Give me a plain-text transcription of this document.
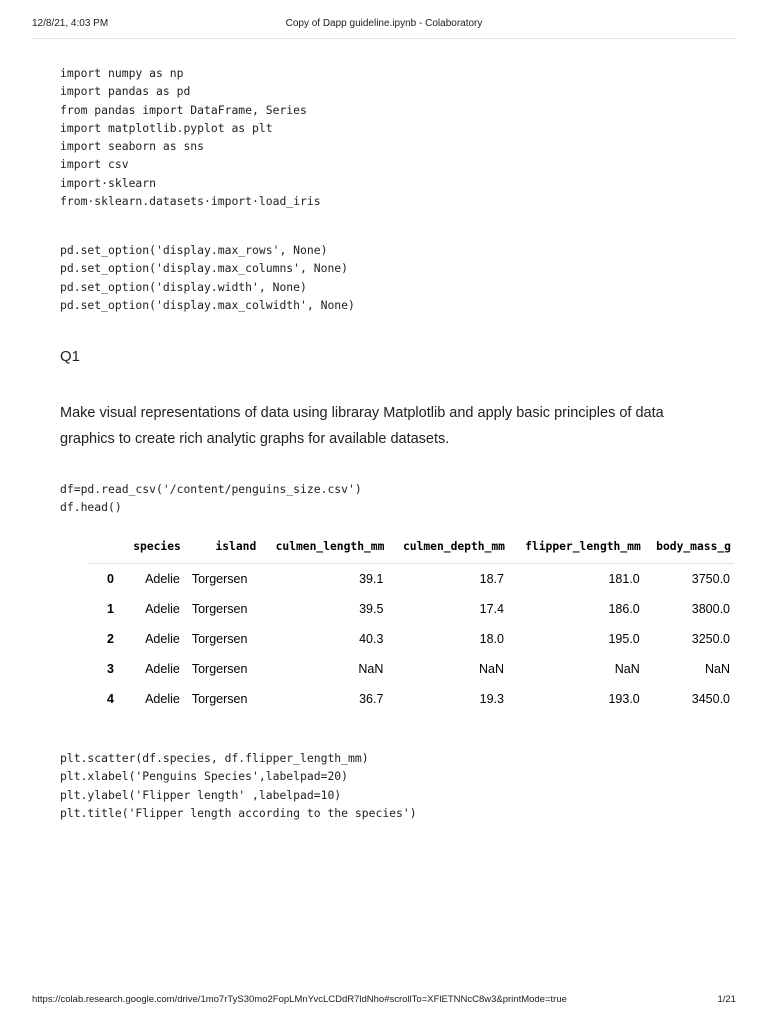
12/8/21, 4:03 PM	Copy of Dapp guideline.ipynb - Colaboratory
import numpy as np
import pandas as pd
from pandas import DataFrame, Series
import matplotlib.pyplot as plt
import seaborn as sns
import csv
import·sklearn
from·sklearn.datasets·import·load_iris
pd.set_option('display.max_rows', None)
pd.set_option('display.max_columns', None)
pd.set_option('display.width', None)
pd.set_option('display.max_colwidth', None)
Q1
Make visual representations of data using libraray Matplotlib and apply basic principles of data graphics to create rich analytic graphs for available datasets.
df=pd.read_csv('/content/penguins_size.csv')
df.head()
	species	island	culmen_length_mm	culmen_depth_mm	flipper_length_mm	body_mass_g
0	Adelie	Torgersen	39.1	18.7	181.0	3750.0
1	Adelie	Torgersen	39.5	17.4	186.0	3800.0
2	Adelie	Torgersen	40.3	18.0	195.0	3250.0
3	Adelie	Torgersen	NaN	NaN	NaN	NaN
4	Adelie	Torgersen	36.7	19.3	193.0	3450.0
plt.scatter(df.species, df.flipper_length_mm)
plt.xlabel('Penguins Species',labelpad=20)
plt.ylabel('Flipper length' ,labelpad=10)
plt.title('Flipper length according to the species')
https://colab.research.google.com/drive/1mo7rTyS30mo2FopLMnYvcLCDdR7ldNho#scrollTo=XFlETNNcC8w3&printMode=true	1/21
